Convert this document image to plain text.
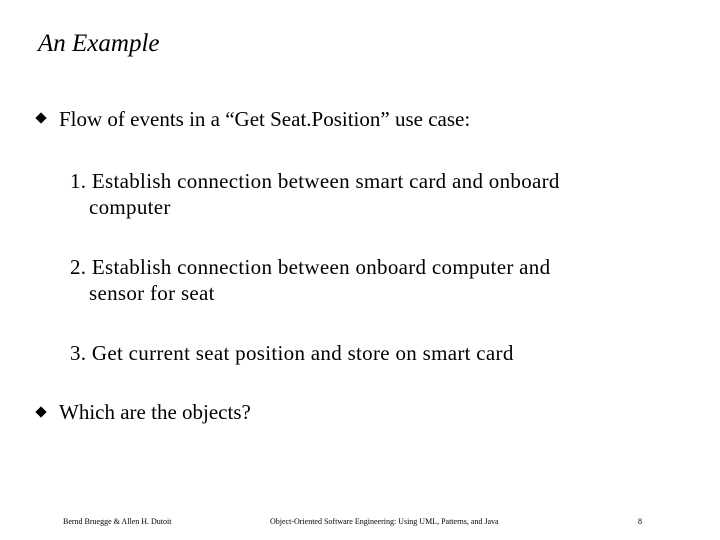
An Example
Flow of events in a “Get Seat.Position” use case:
1. Establish connection between smart card and onboard
computer
2. Establish connection between onboard computer and
sensor for seat
3. Get current seat position and store on smart card
Which are the objects?
Bernd Bruegge & Allen H. Dutoit	Object-Oriented Software Engineering: Using UML, Patterns, and Java	8
